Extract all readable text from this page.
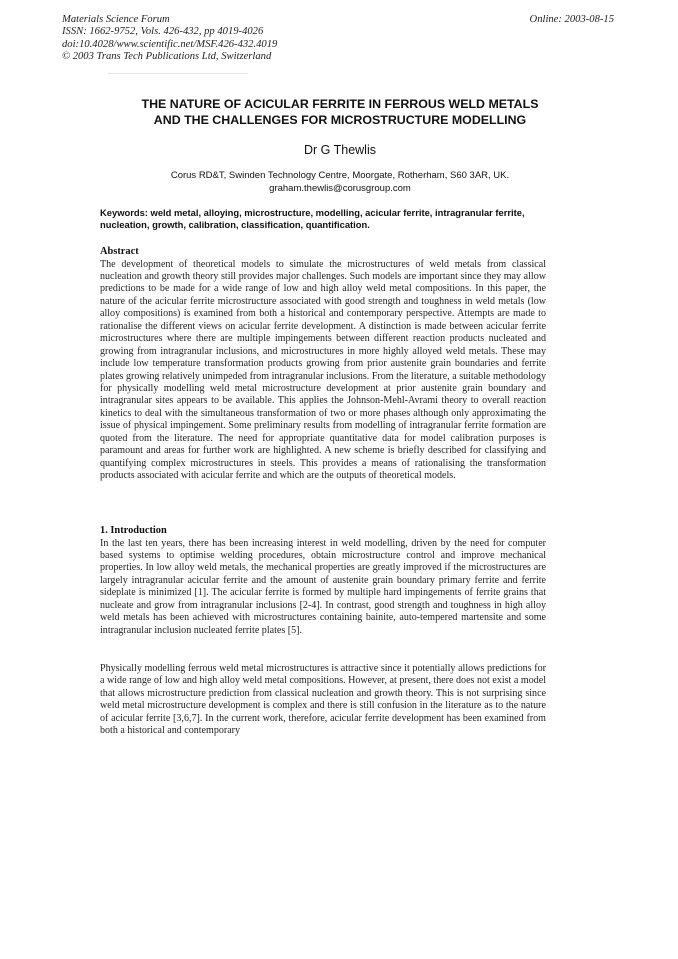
Materials Science Forum
ISSN: 1662-9752, Vols. 426-432, pp 4019-4026
doi:10.4028/www.scientific.net/MSF.426-432.4019
© 2003 Trans Tech Publications Ltd, Switzerland
Online: 2003-08-15
THE NATURE OF ACICULAR FERRITE IN FERROUS WELD METALS
AND THE CHALLENGES FOR MICROSTRUCTURE MODELLING
Dr G Thewlis
Corus RD&T, Swinden Technology Centre, Moorgate, Rotherham, S60 3AR, UK.
graham.thewlis@corusgroup.com
Keywords: weld metal, alloying, microstructure, modelling, acicular ferrite, intragranular ferrite, nucleation, growth, calibration, classification, quantification.
Abstract

The development of theoretical models to simulate the microstructures of weld metals from classical nucleation and growth theory still provides major challenges. Such models are important since they may allow predictions to be made for a wide range of low and high alloy weld metal compositions. In this paper, the nature of the acicular ferrite microstructure associated with good strength and toughness in weld metals (low alloy compositions) is examined from both a historical and contemporary perspective. Attempts are made to rationalise the different views on acicular ferrite development. A distinction is made between acicular ferrite microstructures where there are multiple impingements between different reaction products nucleated and growing from intragranular inclusions, and microstructures in more highly alloyed weld metals. These may include low temperature transformation products growing from prior austenite grain boundaries and ferrite plates growing relatively unimpeded from intragranular inclusions. From the literature, a suitable methodology for physically modelling weld metal microstructure development at prior austenite grain boundary and intragranular sites appears to be available. This applies the Johnson-Mehl-Avrami theory to overall reaction kinetics to deal with the simultaneous transformation of two or more phases although only approximating the issue of physical impingement. Some preliminary results from modelling of intragranular ferrite formation are quoted from the literature. The need for appropriate quantitative data for model calibration purposes is paramount and areas for further work are highlighted. A new scheme is briefly described for classifying and quantifying complex microstructures in steels. This provides a means of rationalising the transformation products associated with acicular ferrite and which are the outputs of theoretical models.

1. Introduction

In the last ten years, there has been increasing interest in weld modelling, driven by the need for computer based systems to optimise welding procedures, obtain microstructure control and improve mechanical properties. In low alloy weld metals, the mechanical properties are greatly improved if the microstructures are largely intragranular acicular ferrite and the amount of austenite grain boundary primary ferrite and ferrite sideplate is minimized [1]. The acicular ferrite is formed by multiple hard impingements of ferrite grains that nucleate and grow from intragranular inclusions [2-4]. In contrast, good strength and toughness in high alloy weld metals has been achieved with microstructures containing bainite, auto-tempered martensite and some intragranular inclusion nucleated ferrite plates [5].

Physically modelling ferrous weld metal microstructures is attractive since it potentially allows predictions for a wide range of low and high alloy weld metal compositions. However, at present, there does not exist a model that allows microstructure prediction from classical nucleation and growth theory. This is not surprising since weld metal microstructure development is complex and there is still confusion in the literature as to the nature of acicular ferrite [3,6,7]. In the current work, therefore, acicular ferrite development has been examined from both a historical and contemporary
